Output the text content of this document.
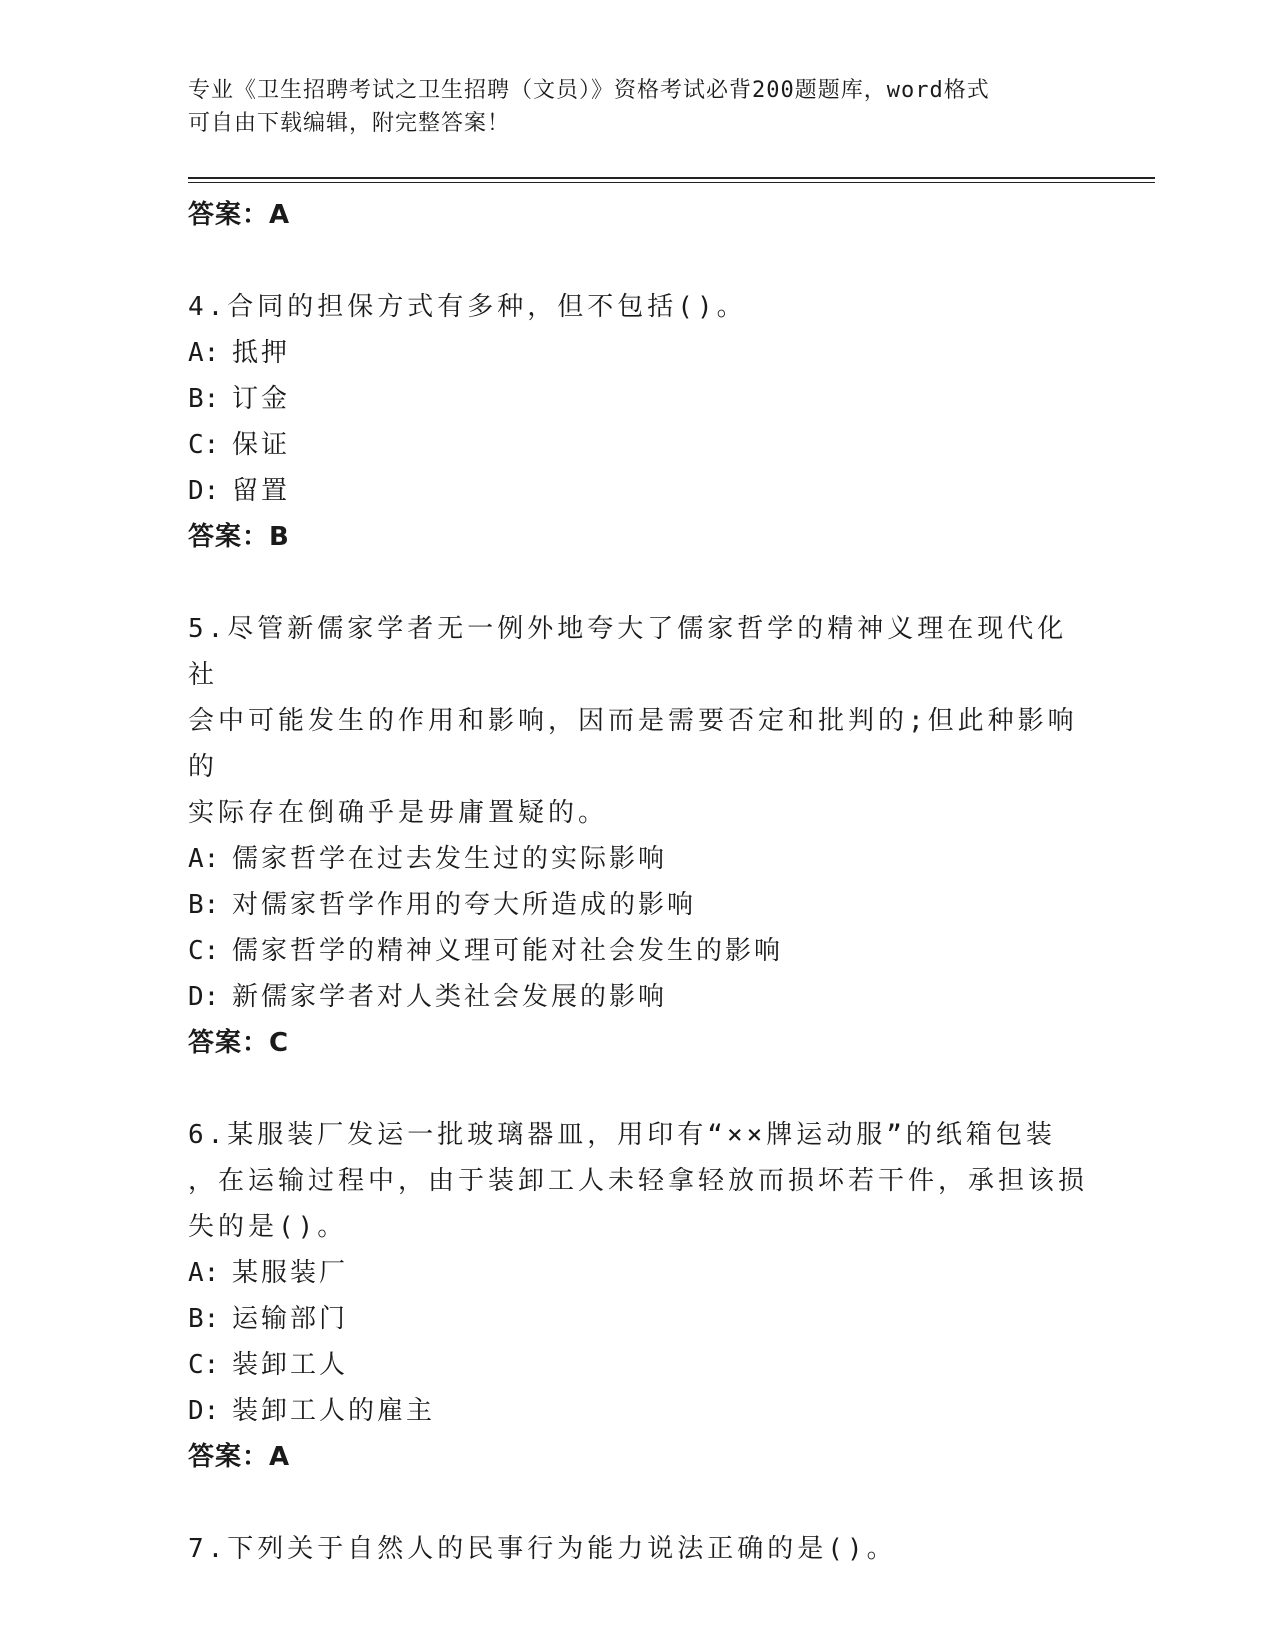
专业《卫生招聘考试之卫生招聘（文员）》资格考试必背200题题库，word格式
可自由下载编辑，附完整答案！
答案：A
4.合同的担保方式有多种，但不包括()。
A: 抵押
B: 订金
C: 保证
D: 留置
答案：B
5.尽管新儒家学者无一例外地夸大了儒家哲学的精神义理在现代化社
会中可能发生的作用和影响，因而是需要否定和批判的;但此种影响的
实际存在倒确乎是毋庸置疑的。
A: 儒家哲学在过去发生过的实际影响
B: 对儒家哲学作用的夸大所造成的影响
C: 儒家哲学的精神义理可能对社会发生的影响
D: 新儒家学者对人类社会发展的影响
答案：C
6.某服装厂发运一批玻璃器皿，用印有“××牌运动服”的纸箱包装
，在运输过程中，由于装卸工人未轻拿轻放而损坏若干件，承担该损
失的是()。
A: 某服装厂
B: 运输部门
C: 装卸工人
D: 装卸工人的雇主
答案：A
7.下列关于自然人的民事行为能力说法正确的是()。
